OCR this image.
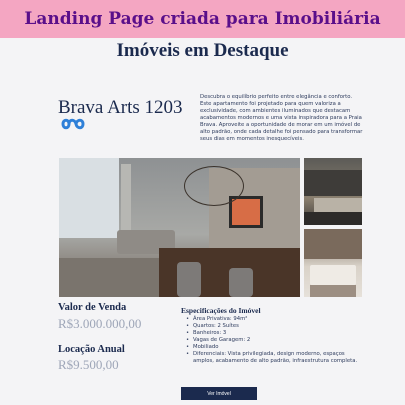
Landing Page criada para Imobiliária
Imóveis em Destaque
Brava Arts 1203	Descubra o equilíbrio perfeito entre elegância e conforto. Este apartamento foi projetado para quem valoriza a exclusividade, com ambientes iluminados que destacam acabamentos modernos e uma vista inspiradora para a Praia Brava. Aproveite a oportunidade de morar em um imóvel de alto padrão, onde cada detalhe foi pensado para transformar seus dias em momentos inesquecíveis.

Valor de Venda
R$3.000.000,00
Locação Anual
R$9.500,00
Especificações do Imóvel
• Área Privativa: 94m²
• Quartos: 2 Suítes
• Banheiros: 3
• Vagas de Garagem: 2
• Mobiliado
• Diferenciais: Vista privilegiada, design moderno, espaços amplos, acabamento de alto padrão, infraestrutura completa.
Ver Imóvel
